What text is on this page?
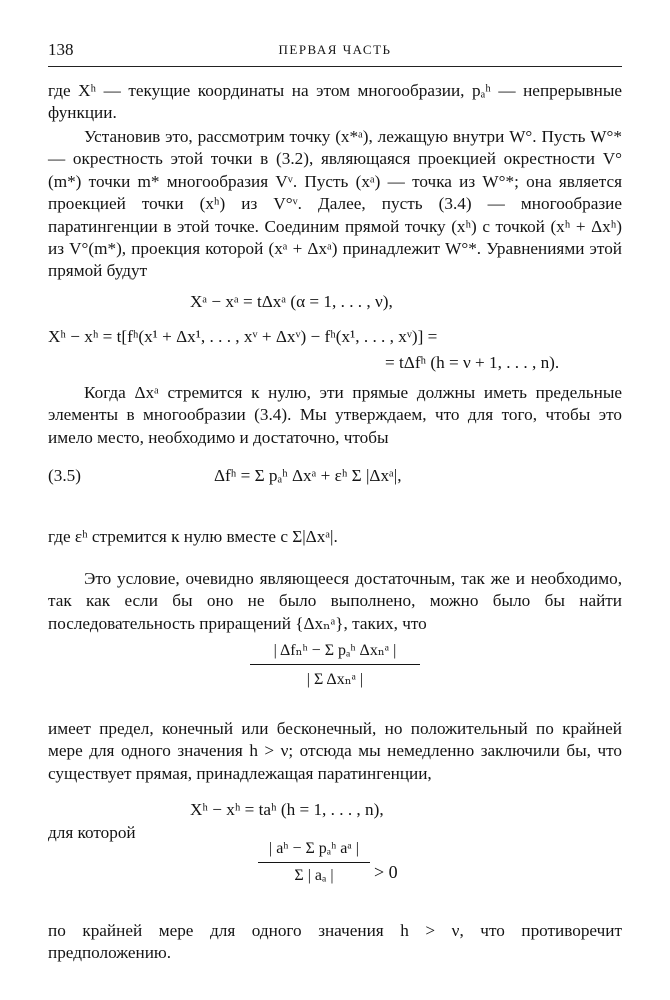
138	ПЕРВАЯ ЧАСТЬ

где Xʰ — текущие координаты на этом многообразии, pₐʰ — непрерывные функции.

Установив это, рассмотрим точку (x*ᵃ), лежащую внутри W°. Пусть W°* — окрестность этой точки в (3.2), являющаяся проекцией окрестности V°(m*) точки m* многообразия Vᵛ. Пусть (xᵃ) — точка из W°*; она является проекцией точки (xʰ) из V°ᵛ. Далее, пусть (3.4) — многообразие паратингенции в этой точке. Соединим прямой точку (xʰ) с точкой (xʰ + Δxʰ) из V°(m*), проекция которой (xᵃ + Δxᵃ) принадлежит W°*. Уравнениями этой прямой будут

Xᵃ − xᵃ = tΔxᵃ (α = 1, . . . , ν),
Xʰ − xʰ = t[fʰ(x¹ + Δx¹, . . . , xᵛ + Δxᵛ) − fʰ(x¹, . . . , xᵛ)] =
= tΔfʰ (h = ν + 1, . . . , n).

Когда Δxᵃ стремится к нулю, эти прямые должны иметь предельные элементы в многообразии (3.4). Мы утверждаем, что для того, чтобы это имело место, необходимо и достаточно, чтобы

(3.5)	Δfʰ = Σ pₐʰ Δxᵃ + εʰ Σ |Δxᵃ|,

где εʰ стремится к нулю вместе с Σ|Δxᵃ|.

Это условие, очевидно являющееся достаточным, так же и необходимо, так как если бы оно не было выполнено, можно было бы найти последовательность приращений {Δxₙᵃ}, таких, что

| Δfₙʰ − Σ pₐʰ Δxₙᵃ |
| Σ Δxₙᵃ |

имеет предел, конечный или бесконечный, но положительный по крайней мере для одного значения h > ν; отсюда мы немедленно заключили бы, что существует прямая, принадлежащая паратингенции,

Xʰ − xʰ = taʰ (h = 1, . . . , n),

для которой

| aʰ − Σ pₐʰ aᵃ |
Σ | aₐ |	> 0

по крайней мере для одного значения h > ν, что противоречит предположению.
